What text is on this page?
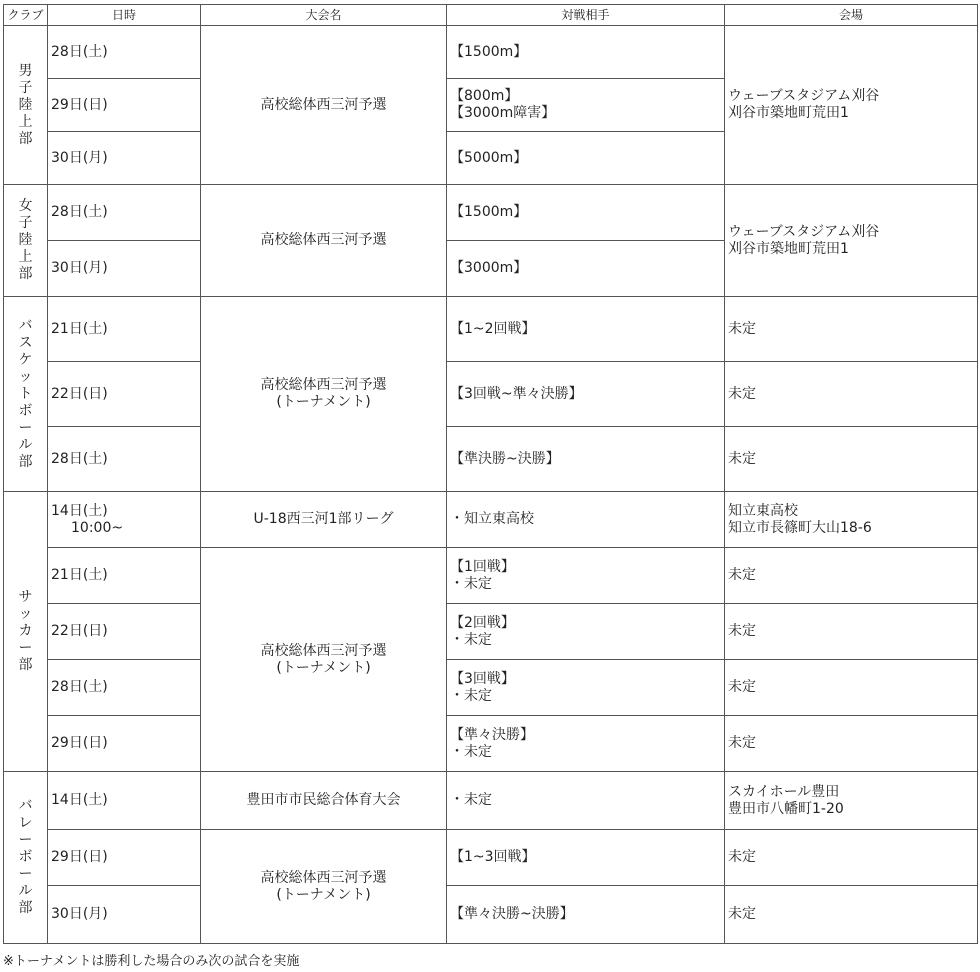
クラブ	日時	大会名	対戦相手	会場
男子陸上部	28日(土)	高校総体西三河予選	【1500m】	ウェーブスタジアム刈谷
刈谷市築地町荒田1

	29日(日)		【800m】
【3000m障害】	

	30日(月)		【5000m】	
女子陸上部	28日(土)	高校総体西三河予選	【1500m】	ウェーブスタジアム刈谷
刈谷市築地町荒田1

	30日(月)		【3000m】	
バスケットボール部	21日(土)	高校総体西三河予選
(トーナメント)	【1~2回戦】	未定
	22日(日)		【3回戦~準々決勝】	未定
	28日(土)		【準決勝~決勝】	未定
サッカー部	14日(土)
10:00~	U-18西三河1部リーグ	・知立東高校	知立東高校
知立市長篠町大山18-6

	21日(土)	高校総体西三河予選
(トーナメント)	【1回戦】
・未定	未定
	22日(日)		【2回戦】
・未定	未定
	28日(土)		【3回戦】
・未定	未定
	29日(日)		【準々決勝】
・未定	未定
バレーボール部	14日(土)	豊田市市民総合体育大会	・未定	スカイホール豊田
豊田市八幡町1-20

	29日(日)	高校総体西三河予選
(トーナメント)	【1~3回戦】	未定
	30日(月)		【準々決勝~決勝】	未定
※トーナメントは勝利した場合のみ次の試合を実施
